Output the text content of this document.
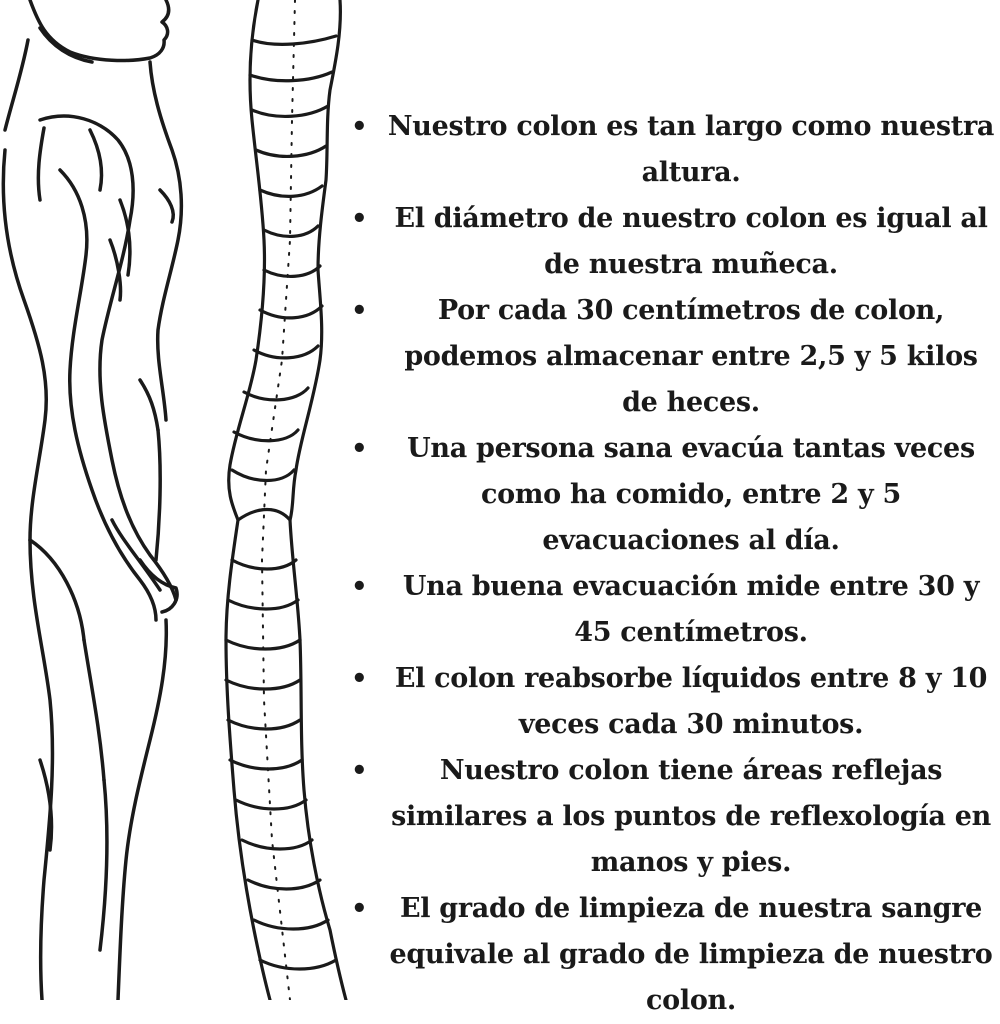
• Nuestro colon es tan largo como nuestra altura.
•	El diámetro de nuestro colon es igual al de nuestra muñeca.
•	Por cada 30 centímetros de colon, podemos almacenar entre 2,5 y 5 kilos de heces.
•	Una persona sana evacúa tantas veces como ha comido, entre 2 y 5 evacuaciones al día.
•	Una buena evacuación mide entre 30 y 45 centímetros.
•	El colon reabsorbe líquidos entre 8 y 10 veces cada 30 minutos.
•	Nuestro colon tiene áreas reflejas similares a los puntos de reflexología en manos y pies.
•	El grado de limpieza de nuestra sangre equivale al grado de limpieza de nuestro colon.
